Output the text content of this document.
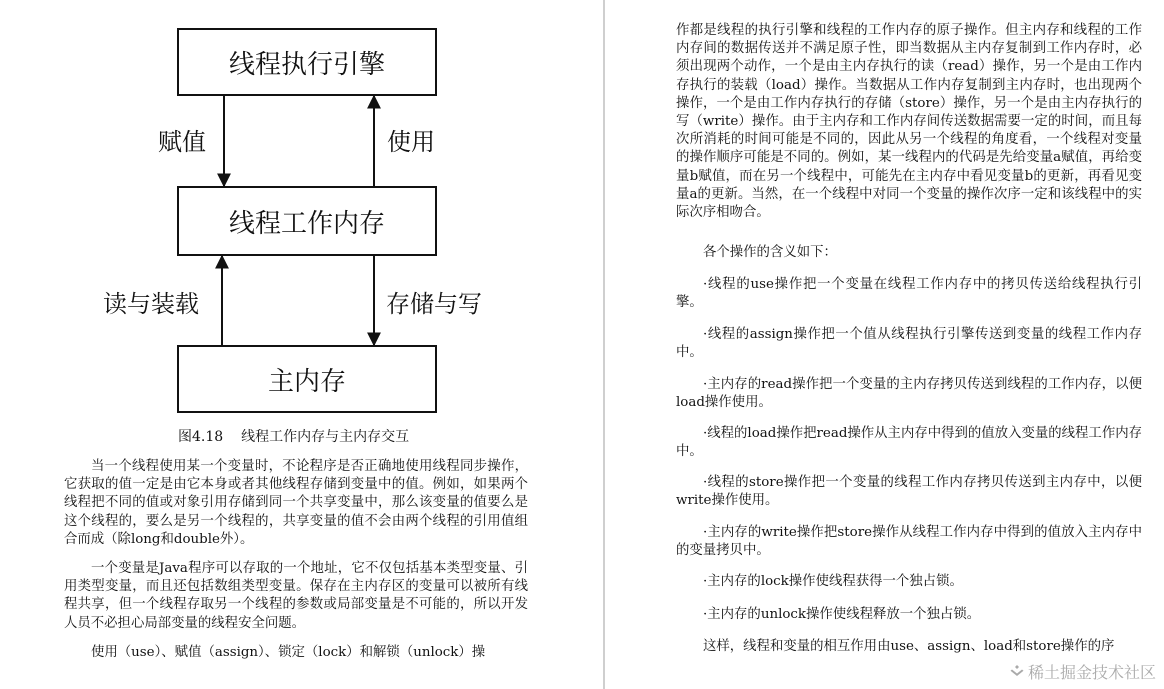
线程执行引擎
线程工作内存
主内存
赋值	使用
读与装载	存储与写
图4.18 线程工作内存与主内存交互
当一个线程使用某一个变量时，不论程序是否正确地使用线程同步操作，它获取的值一定是由它本身或者其他线程存储到变量中的值。例如，如果两个线程把不同的值或对象引用存储到同一个共享变量中，那么该变量的值要么是这个线程的，要么是另一个线程的，共享变量的值不会由两个线程的引用值组合而成（除long和double外）。
一个变量是Java程序可以存取的一个地址，它不仅包括基本类型变量、引用类型变量，而且还包括数组类型变量。保存在主内存区的变量可以被所有线程共享，但一个线程存取另一个线程的参数或局部变量是不可能的，所以开发人员不必担心局部变量的线程安全问题。
使用（use）、赋值（assign）、锁定（lock）和解锁（unlock）操
作都是线程的执行引擎和线程的工作内存的原子操作。但主内存和线程的工作内存间的数据传送并不满足原子性，即当数据从主内存复制到工作内存时，必须出现两个动作，一个是由主内存执行的读（read）操作，另一个是由工作内存执行的装载（load）操作。当数据从工作内存复制到主内存时，也出现两个操作，一个是由工作内存执行的存储（store）操作，另一个是由主内存执行的写（write）操作。由于主内存和工作内存间传送数据需要一定的时间，而且每次所消耗的时间可能是不同的，因此从另一个线程的角度看，一个线程对变量的操作顺序可能是不同的。例如，某一线程内的代码是先给变量a赋值，再给变量b赋值，而在另一个线程中，可能先在主内存中看见变量b的更新，再看见变量a的更新。当然，在一个线程中对同一个变量的操作次序一定和该线程中的实际次序相吻合。
各个操作的含义如下：
·线程的use操作把一个变量在线程工作内存中的拷贝传送给线程执行引擎。
·线程的assign操作把一个值从线程执行引擎传送到变量的线程工作内存中。
·主内存的read操作把一个变量的主内存拷贝传送到线程的工作内存，以便load操作使用。
·线程的load操作把read操作从主内存中得到的值放入变量的线程工作内存中。
·线程的store操作把一个变量的线程工作内存拷贝传送到主内存中，以便write操作使用。
·主内存的write操作把store操作从线程工作内存中得到的值放入主内存中的变量拷贝中。
·主内存的lock操作使线程获得一个独占锁。
·主内存的unlock操作使线程释放一个独占锁。
这样，线程和变量的相互作用由use、assign、load和store操作的序
稀土掘金技术社区
